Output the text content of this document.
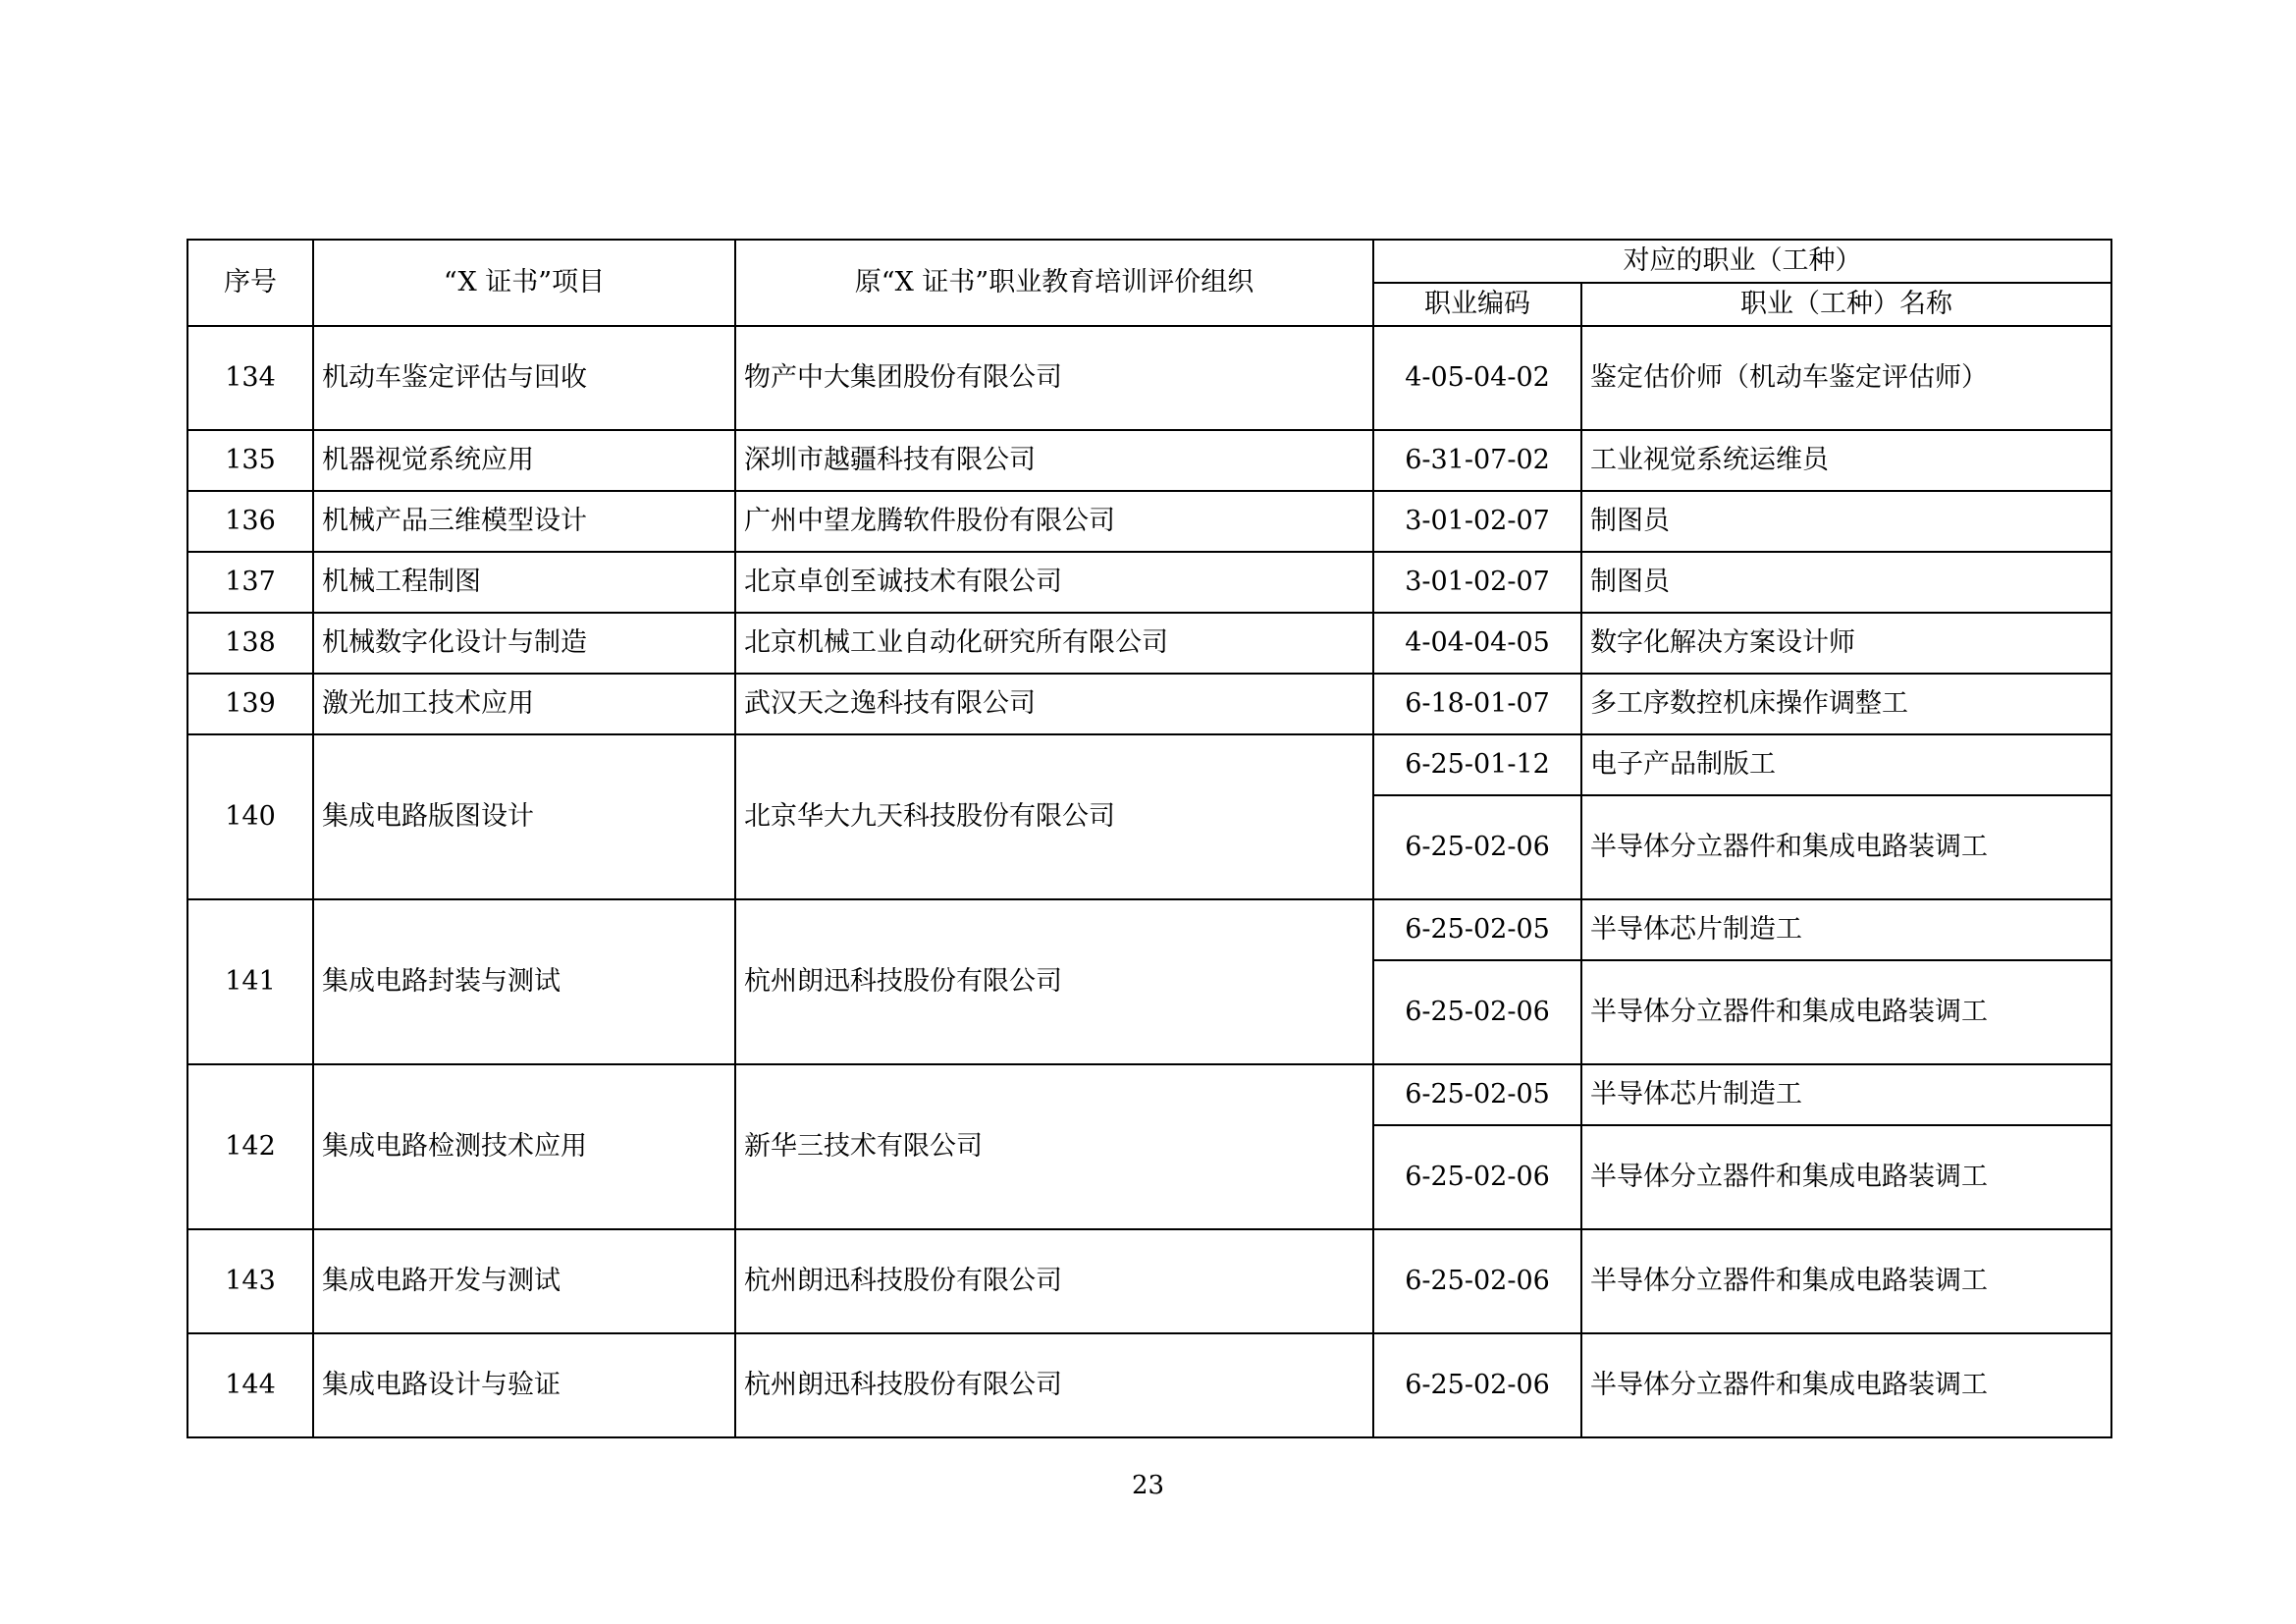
序号	“X 证书”项目	原“X 证书”职业教育培训评价组织	对应的职业（工种）	
			职业编码	职业（工种）名称
134	机动车鉴定评估与回收	物产中大集团股份有限公司	4-05-04-02	鉴定估价师（机动车鉴定评估师）
135	机器视觉系统应用	深圳市越疆科技有限公司	6-31-07-02	工业视觉系统运维员
136	机械产品三维模型设计	广州中望龙腾软件股份有限公司	3-01-02-07	制图员
137	机械工程制图	北京卓创至诚技术有限公司	3-01-02-07	制图员
138	机械数字化设计与制造	北京机械工业自动化研究所有限公司	4-04-04-05	数字化解决方案设计师
139	激光加工技术应用	武汉天之逸科技有限公司	6-18-01-07	多工序数控机床操作调整工
140	集成电路版图设计	北京华大九天科技股份有限公司	6-25-01-12	电子产品制版工
			6-25-02-06	半导体分立器件和集成电路装调工
141	集成电路封装与测试	杭州朗迅科技股份有限公司	6-25-02-05	半导体芯片制造工
			6-25-02-06	半导体分立器件和集成电路装调工
142	集成电路检测技术应用	新华三技术有限公司	6-25-02-05	半导体芯片制造工
			6-25-02-06	半导体分立器件和集成电路装调工
143	集成电路开发与测试	杭州朗迅科技股份有限公司	6-25-02-06	半导体分立器件和集成电路装调工
144	集成电路设计与验证	杭州朗迅科技股份有限公司	6-25-02-06	半导体分立器件和集成电路装调工
23
